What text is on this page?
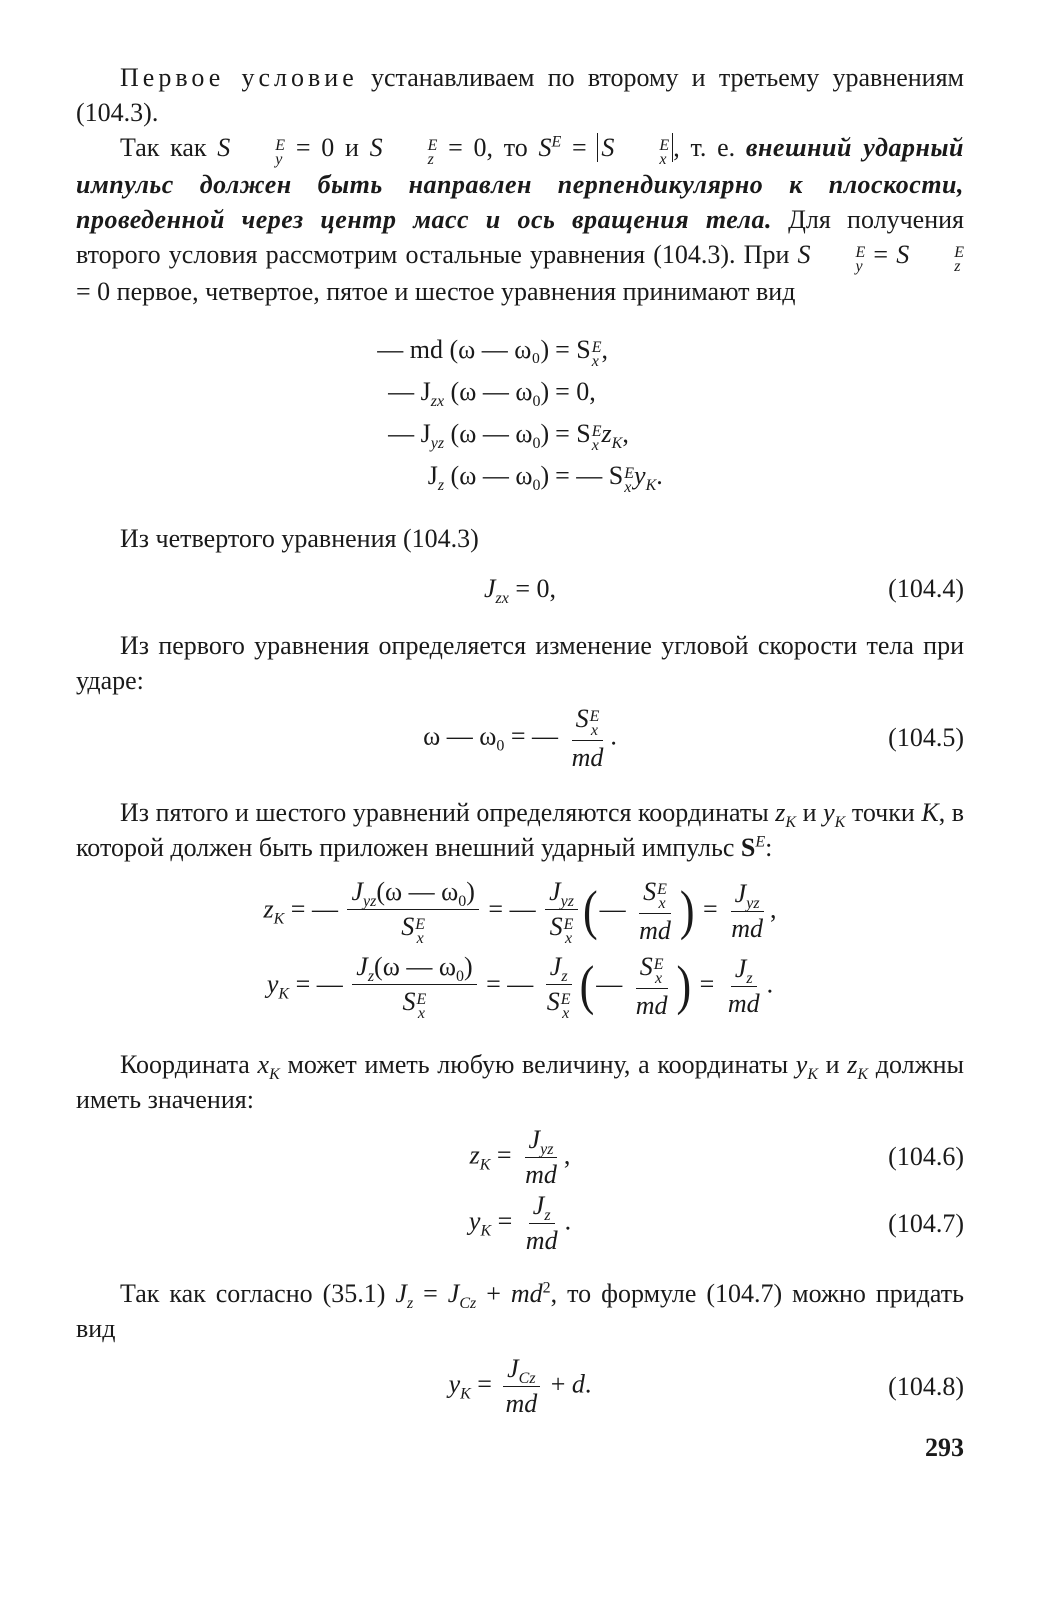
Первое условие устанавливаем по второму и третьему уравнениям (104.3).

Так как S	E
y = 0 и S	E
z = 0, то $S^E = S$	E
x , т. е. внешний ударный импульс должен быть направлен перпендикулярно к плоскости, проведенной через центр масс и ось вращения тела. Для получения второго условия рассмотрим остальные уравнения (104.3). При S	E
y = S	E
z
= 0 первое, четвертое, пятое и шестое уравнения принимают вид

— md (ω — ω₀) = S E
x ,
— $J_{zx}$ (ω — $\omega_0) = 0$,
— $J_{yz}$ (ω — $\omega_0) = S$ E
x $z_K$,
$J_z$ (ω — $\omega_0$) = — S E
x $y_K$.

Из четвертого уравнения (104.3)

$J_{zx} = 0$,	(104.4)

Из первого уравнения определяется изменение угловой скорости тела при ударе:

ω — $\omega_0$ = — S E
x
md .	(104.5)

Из пятого и шестого уравнений определяются координаты $z_K$ и $y_K$ точки K, в которой должен быть приложен внешний ударный импульс $S^E$:

$z_K$ = — $J_{yz}(\omega$ — $\omega_0$)
S E
x = — $J_{yz}$
S E
x (— S E
x
md ) = $\frac{J_{yz}}{md}$ ,
$y_K$ = — $J_z(\omega$ — $\omega_0$)
S E
x = — $J_z$
S E
x (— S E
x
md ) = $\frac{J_z}{md}$ .

Координата $x_K$ может иметь любую величину, а координаты $y_K$ и $z_K$ должны иметь значения:

$z_K = \frac{J_{yz}}{md}$ ,	(104.6)
$y_K = \frac{J_z}{md}$ .	(104.7)

Так как согласно (35.1) $J_z = J_{Cz} + md^2$, то формуле (104.7) можно придать вид

$y_K = \frac{J_{Cz}}{md} + d$.	(104.8)
293
